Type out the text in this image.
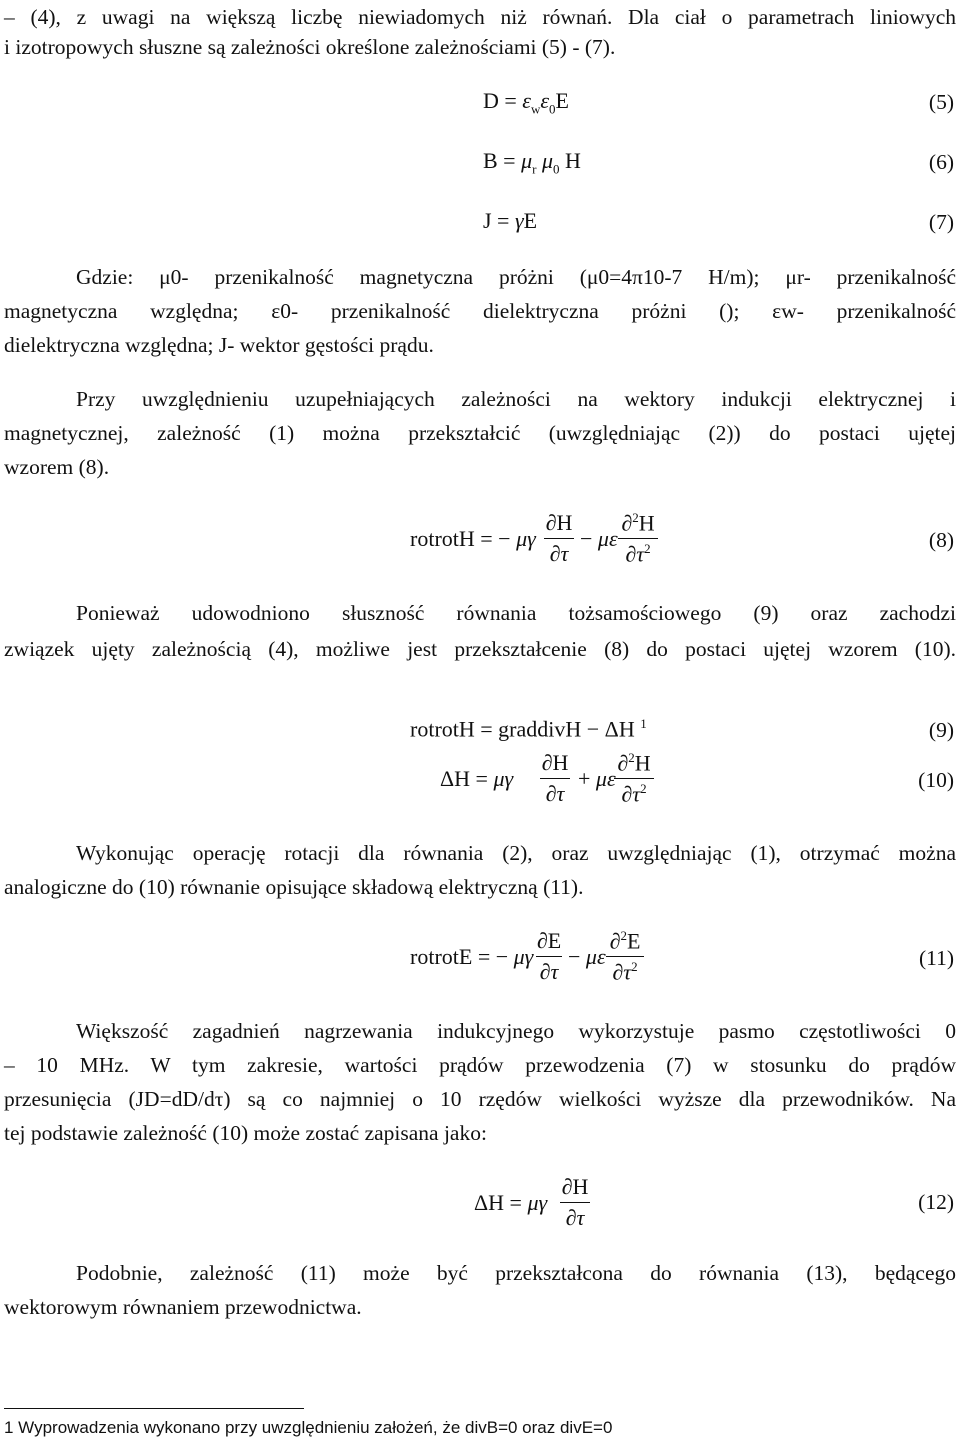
– (4), z uwagi na większą liczbę niewiadomych niż równań. Dla ciał o parametrach liniowych
i izotropowych słuszne są zależności określone zależnościami (5) - (7).
$D = \varepsilon_w\varepsilon_0E$	(5)
$B = \mu_r$ $\mu_0$ H	(6)
J = γE	(7)
Gdzie: μ0- przenikalność magnetyczna próżni (μ0=4π10-7 H/m); μr- przenikalność
magnetyczna względna; ε0- przenikalność dielektryczna próżni (); εw- przenikalność
dielektryczna względna; J- wektor gęstości prądu.
Przy uwzględnieniu uzupełniających zależności na wektory indukcji elektrycznej i
magnetycznej, zależność (1) można przekształcić (uwzględniając (2)) do postaci ujętej
wzorem (8).
rotrotH = − μγ
∂H
∂τ
− με
∂$^2$H
$\partial\tau^2$	(8)
Ponieważ udowodniono słuszność równania tożsamościowego (9) oraz zachodzi
związek ujęty zależnością (4), możliwe jest przekształcenie (8) do postaci ujętej wzorem (10).
rotrotH = graddivH − ΔH $^1$	(9)
ΔH = μγ
∂H
∂τ
+ με
∂$^2$H
$\partial\tau^2$	(10)
Wykonując operację rotacji dla równania (2), oraz uwzględniając (1), otrzymać można
analogiczne do (10) równanie opisujące składową elektryczną (11).
rotrotE = − μγ
∂E
∂τ
− με
∂$^2$E
$\partial\tau^2$	(11)
Większość zagadnień nagrzewania indukcyjnego wykorzystuje pasmo częstotliwości 0
– 10 MHz. W tym zakresie, wartości prądów przewodzenia (7) w stosunku do prądów
przesunięcia (JD=dD/dτ) są co najmniej o 10 rzędów wielkości wyższe dla przewodników. Na
tej podstawie zależność (10) może zostać zapisana jako:
ΔH = μγ
∂H
∂τ
(12)
Podobnie, zależność (11) może być przekształcona do równania (13), będącego
wektorowym równaniem przewodnictwa.
1 Wyprowadzenia wykonano przy uwzględnieniu założeń, że divB=0 oraz divE=0
